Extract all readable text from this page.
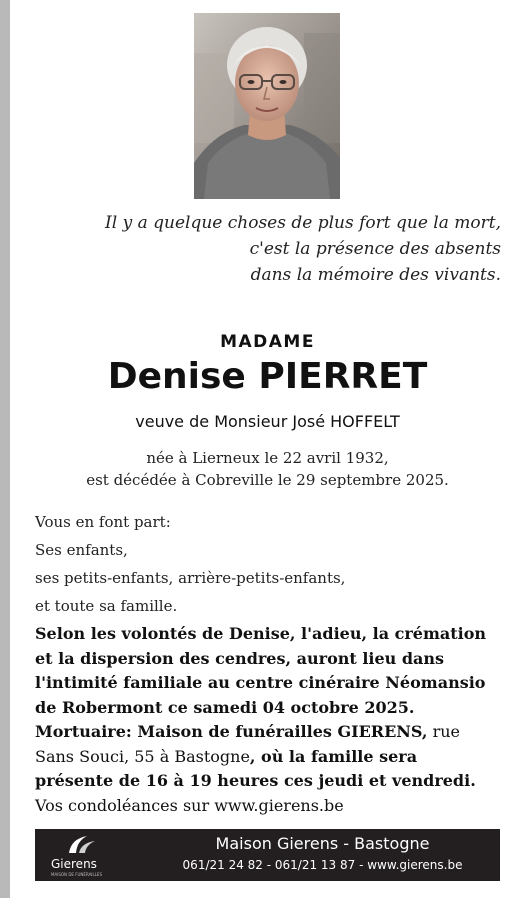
Il y a quelque choses de plus fort que la mort,
c'est la présence des absents
dans la mémoire des vivants.
MADAME
Denise PIERRET
veuve de Monsieur José HOFFELT
née à Lierneux le 22 avril 1932,
est décédée à Cobreville le 29 septembre 2025.
Vous en font part:
Ses enfants,
ses petits-enfants, arrière-petits-enfants,
et toute sa famille.
Selon les volontés de Denise, l'adieu, la crémation
et la dispersion des cendres, auront lieu dans
l'intimité familiale au centre cinéraire Néomansio
de Robermont ce samedi 04 octobre 2025.
Mortuaire: Maison de funérailles GIERENS, rue
Sans Souci, 55 à Bastogne, où la famille sera
présente de 16 à 19 heures ces jeudi et vendredi.
Vos condoléances sur www.gierens.be
Gierens
MAISON DE FUNÉRAILLES
Maison Gierens - Bastogne
061/21 24 82 - 061/21 13 87 - www.gierens.be
